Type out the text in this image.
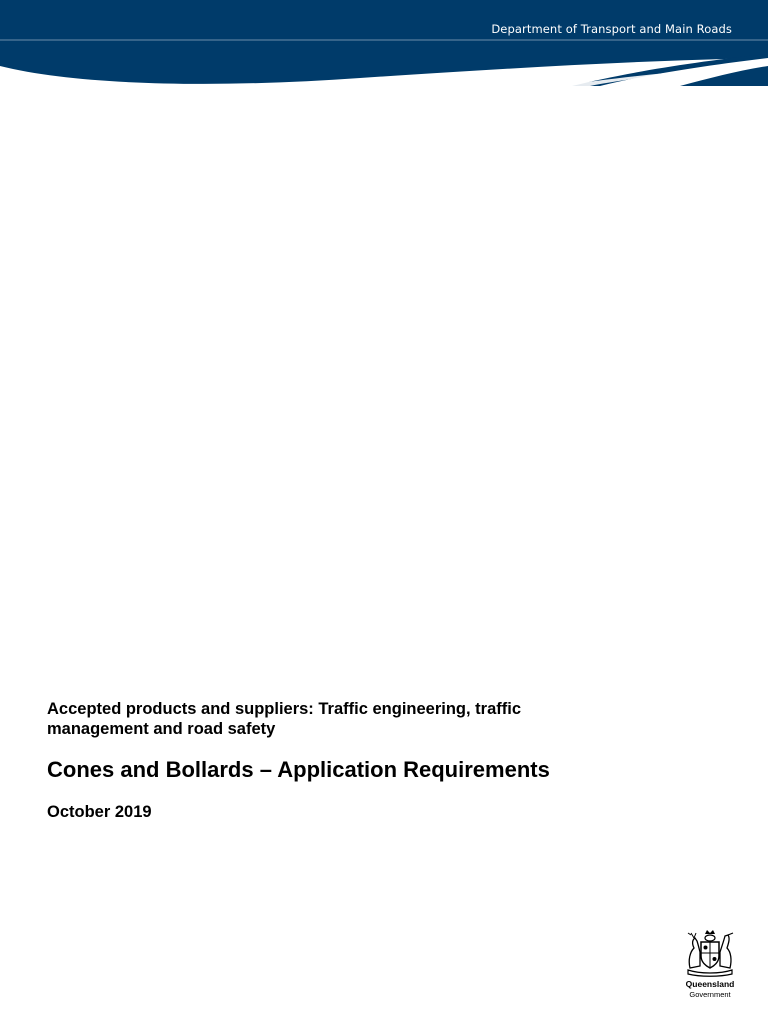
Department of Transport and Main Roads
Accepted products and suppliers: Traffic engineering, traffic management and road safety
Cones and Bollards – Application Requirements
October 2019
Queensland
Government
